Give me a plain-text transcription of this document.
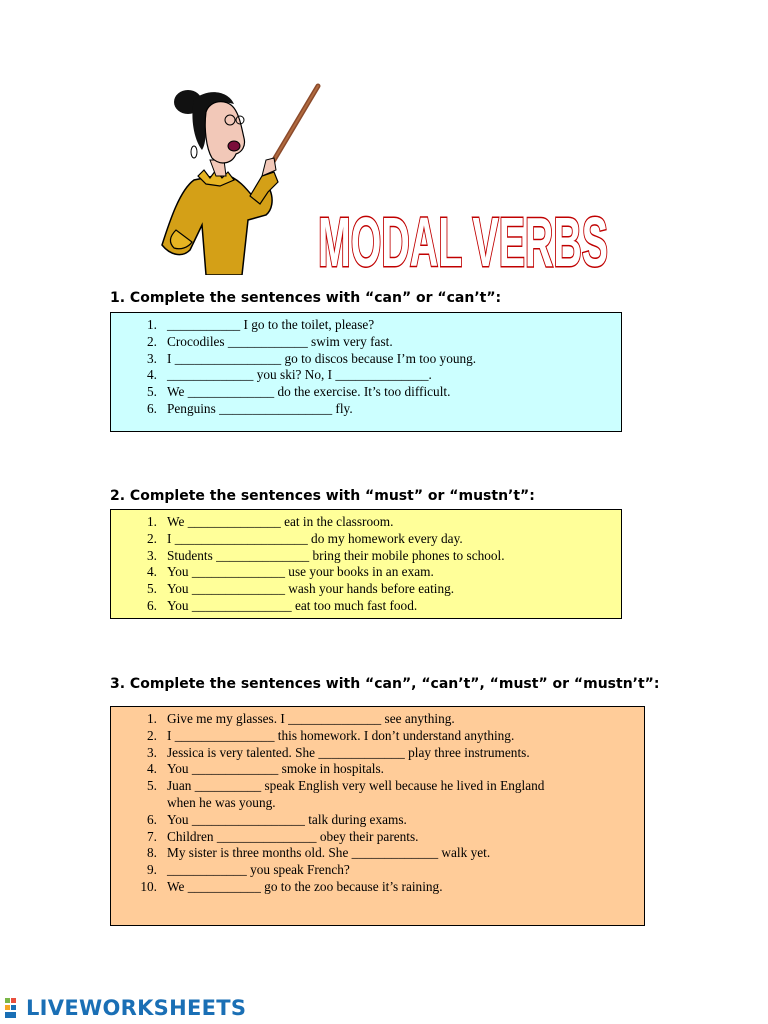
MODAL VERBS
1. Complete the sentences with “can” or “can’t”:
1. ___________ I go to the toilet, please?
2. Crocodiles ____________ swim very fast.
3. I ________________ go to discos because I’m too young.
4. _____________ you ski? No, I ______________.
5. We _____________ do the exercise. It’s too difficult.
6. Penguins _________________ fly.
2. Complete the sentences with “must” or “mustn’t”:
1. We ______________ eat in the classroom.
2. I ____________________ do my homework every day.
3. Students ______________ bring their mobile phones to school.
4. You ______________ use your books in an exam.
5. You ______________ wash your hands before eating.
6. You _______________ eat too much fast food.
3. Complete the sentences with “can”, “can’t”, “must” or “mustn’t”:
1. Give me my glasses. I ______________ see anything.
2. I _______________ this homework. I don’t understand anything.
3. Jessica is very talented. She _____________ play three instruments.
4. You _____________ smoke in hospitals.
5. Juan __________ speak English very well because he lived in England
when he was young.
6. You _________________ talk during exams.
7. Children _______________ obey their parents.
8. My sister is three months old. She _____________ walk yet.
9. ____________ you speak French?
10. We ___________ go to the zoo because it’s raining.
LIVEWORKSHEETS
